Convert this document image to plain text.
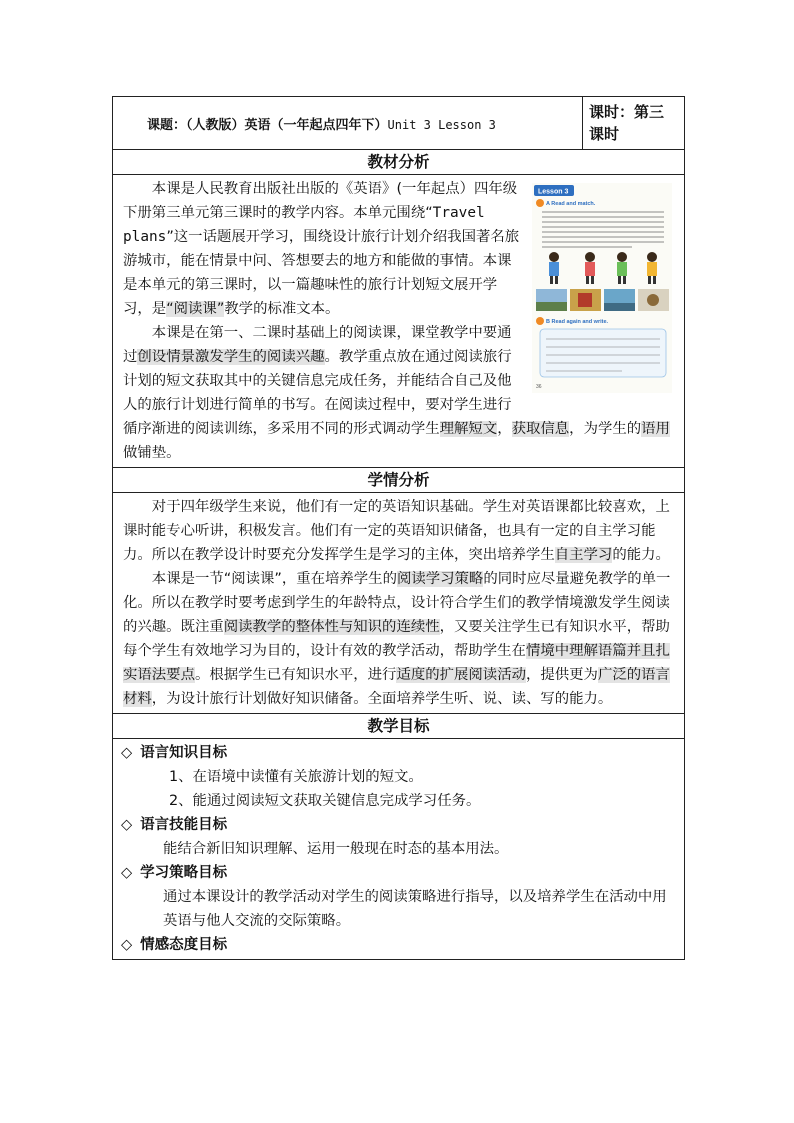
课题：（人教版）英语（一年起点四年下）Unit 3 Lesson 3	课时：第三课时
教材分析

Lesson 3
A Read and match.
B Read again and write.
36

本课是人民教育出版社出版的《英语》(一年起点）四年级下册第三单元第三课时的教学内容。本单元围绕“Travel plans”这一话题展开学习，围绕设计旅行计划介绍我国著名旅游城市，能在情景中问、答想要去的地方和能做的事情。本课是本单元的第三课时，以一篇趣味性的旅行计划短文展开学习，是“阅读课”教学的标准文本。

本课是在第一、二课时基础上的阅读课，课堂教学中要通过创设情景激发学生的阅读兴趣。教学重点放在通过阅读旅行计划的短文获取其中的关键信息完成任务，并能结合自己及他人的旅行计划进行简单的书写。在阅读过程中，要对学生进行循序渐进的阅读训练，多采用不同的形式调动学生理解短文，获取信息，为学生的语用做铺垫。

学情分析

对于四年级学生来说，他们有一定的英语知识基础。学生对英语课都比较喜欢，上课时能专心听讲，积极发言。他们有一定的英语知识储备，也具有一定的自主学习能力。所以在教学设计时要充分发挥学生是学习的主体，突出培养学生自主学习的能力。

本课是一节“阅读课”，重在培养学生的阅读学习策略的同时应尽量避免教学的单一化。所以在教学时要考虑到学生的年龄特点，设计符合学生们的教学情境激发学生阅读的兴趣。既注重阅读教学的整体性与知识的连续性，又要关注学生已有知识水平，帮助每个学生有效地学习为目的，设计有效的教学活动，帮助学生在情境中理解语篇并且扎实语法要点。根据学生已有知识水平，进行适度的扩展阅读活动，提供更为广泛的语言材料，为设计旅行计划做好知识储备。全面培养学生听、说、读、写的能力。

教学目标

◇ 语言知识目标

1、在语境中读懂有关旅游计划的短文。

2、能通过阅读短文获取关键信息完成学习任务。

◇ 语言技能目标

能结合新旧知识理解、运用一般现在时态的基本用法。

◇ 学习策略目标

通过本课设计的教学活动对学生的阅读策略进行指导，以及培养学生在活动中用英语与他人交流的交际策略。

◇ 情感态度目标
